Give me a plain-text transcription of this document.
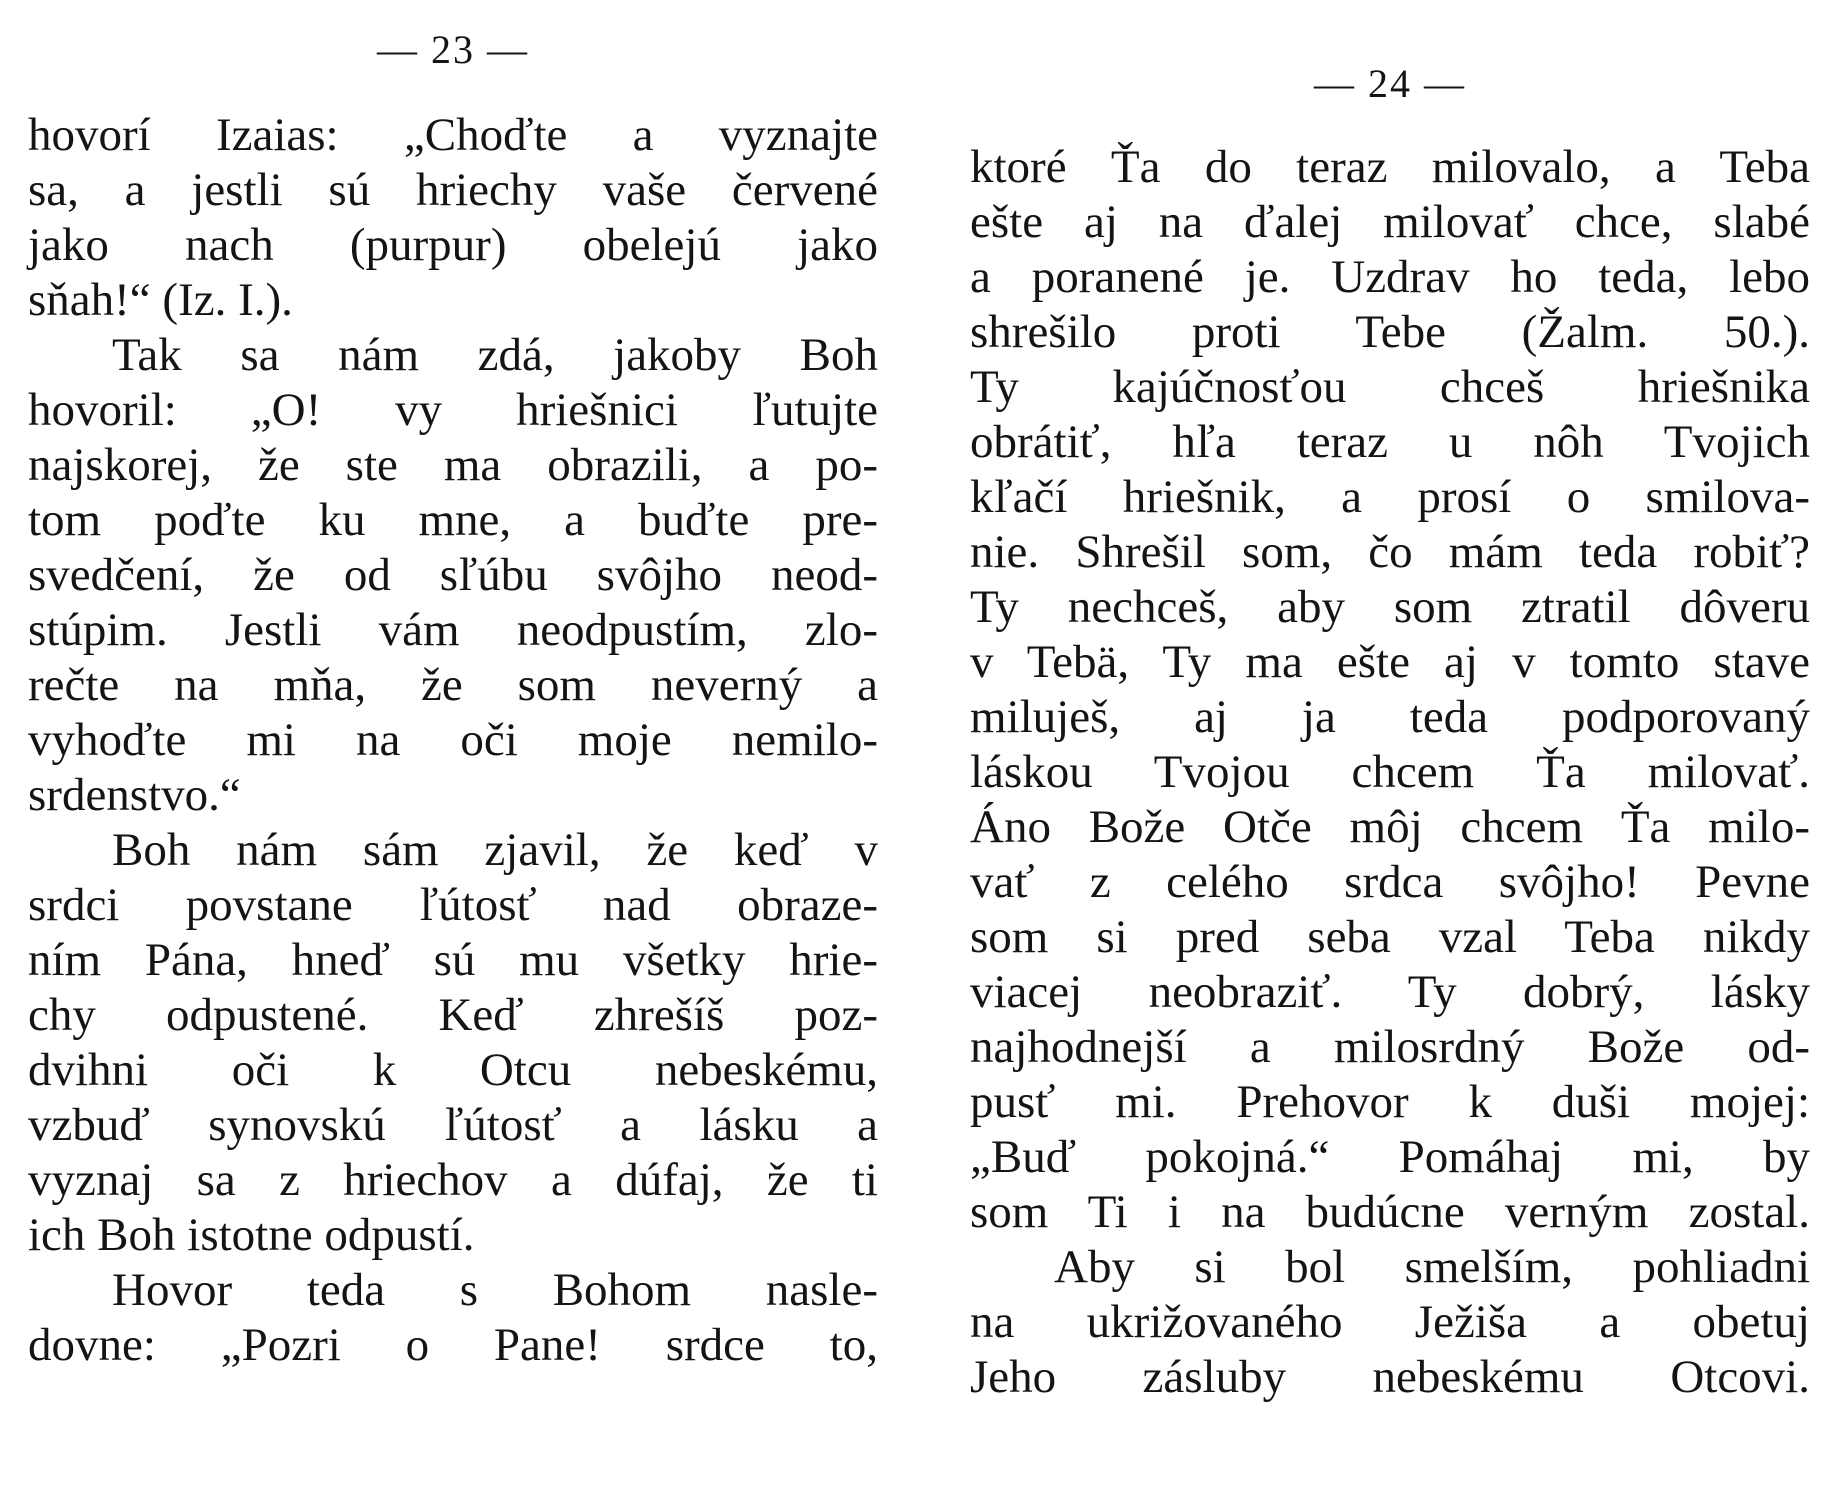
— 23 —
hovorí Izaias: „Choďte a vyznajte
sa, a jestli sú hriechy vaše červené
jako nach (purpur) obelejú jako
sňah!“ (Iz. I.).
Tak sa nám zdá, jakoby Boh
hovoril: „O! vy hriešnici ľutujte
najskorej, že ste ma obrazili, a po-
tom poďte ku mne, a buďte pre-
svedčení, že od sľúbu svôjho neod-
stúpim. Jestli vám neodpustím, zlo-
rečte na mňa, že som neverný a
vyhoďte mi na oči moje nemilo-
srdenstvo.“
Boh nám sám zjavil, že keď v
srdci povstane ľútosť nad obraze-
ním Pána, hneď sú mu všetky hrie-
chy odpustené. Keď zhrešíš poz-
dvihni oči k Otcu nebeskému,
vzbuď synovskú ľútosť a lásku a
vyznaj sa z hriechov a dúfaj, že ti
ich Boh istotne odpustí.
Hovor teda s Bohom nasle-
dovne: „Pozri o Pane! srdce to,
— 24 —
ktoré Ťa do teraz milovalo, a Teba
ešte aj na ďalej milovať chce, slabé
a poranené je. Uzdrav ho teda, lebo
shrešilo proti Tebe (Žalm. 50.).
Ty kajúčnosťou chceš hriešnika
obrátiť, hľa teraz u nôh Tvojich
kľačí hriešnik, a prosí o smilova-
nie. Shrešil som, čo mám teda robiť?
Ty nechceš, aby som ztratil dôveru
v Tebä, Ty ma ešte aj v tomto stave
miluješ, aj ja teda podporovaný
láskou Tvojou chcem Ťa milovať.
Áno Bože Otče môj chcem Ťa milo-
vať z celého srdca svôjho! Pevne
som si pred seba vzal Teba nikdy
viacej neobraziť. Ty dobrý, lásky
najhodnejší a milosrdný Bože od-
pusť mi. Prehovor k duši mojej:
„Buď pokojná.“ Pomáhaj mi, by
som Ti i na budúcne verným zostal.
Aby si bol smelším, pohliadni
na ukrižovaného Ježiša a obetuj
Jeho zásluby nebeskému Otcovi.
